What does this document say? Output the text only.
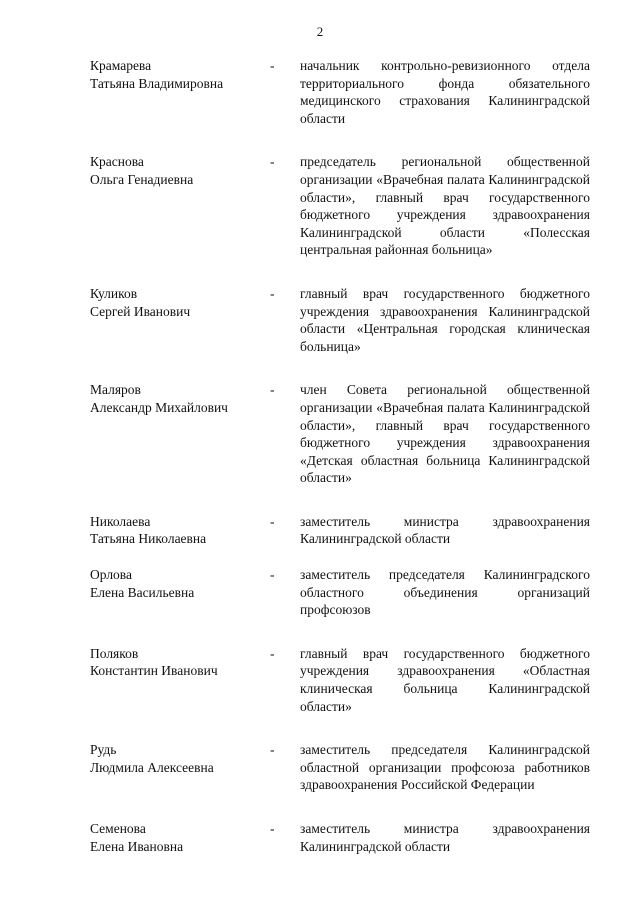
2
Крамарева
Татьяна Владимировна
-	начальник контрольно-ревизионного отдела территориального фонда обязательного медицинского страхования Калининградской области
Краснова
Ольга Генадиевна
-	председатель региональной общественной организации «Врачебная палата Калининградской области», главный врач государственного бюджетного учреждения здравоохранения Калининградской области «Полесская центральная районная больница»
Куликов
Сергей Иванович
-	главный врач государственного бюджетного учреждения здравоохранения Калининградской области «Центральная городская клиническая больница»
Маляров
Александр Михайлович
-	член Совета региональной общественной организации «Врачебная палата Калининградской области», главный врач государственного бюджетного учреждения здравоохранения «Детская областная больница Калининградской области»
Николаева
Татьяна Николаевна
-	заместитель министра здравоохранения Калининградской области
Орлова
Елена Васильевна
-	заместитель председателя Калининградского областного объединения организаций профсоюзов
Поляков
Константин Иванович
-	главный врач государственного бюджетного учреждения здравоохранения «Областная клиническая больница Калининградской области»
Рудь
Людмила Алексеевна
-	заместитель председателя Калининградской областной организации профсоюза работников здравоохранения Российской Федерации
Семенова
Елена Ивановна
-	заместитель министра здравоохранения Калининградской области
